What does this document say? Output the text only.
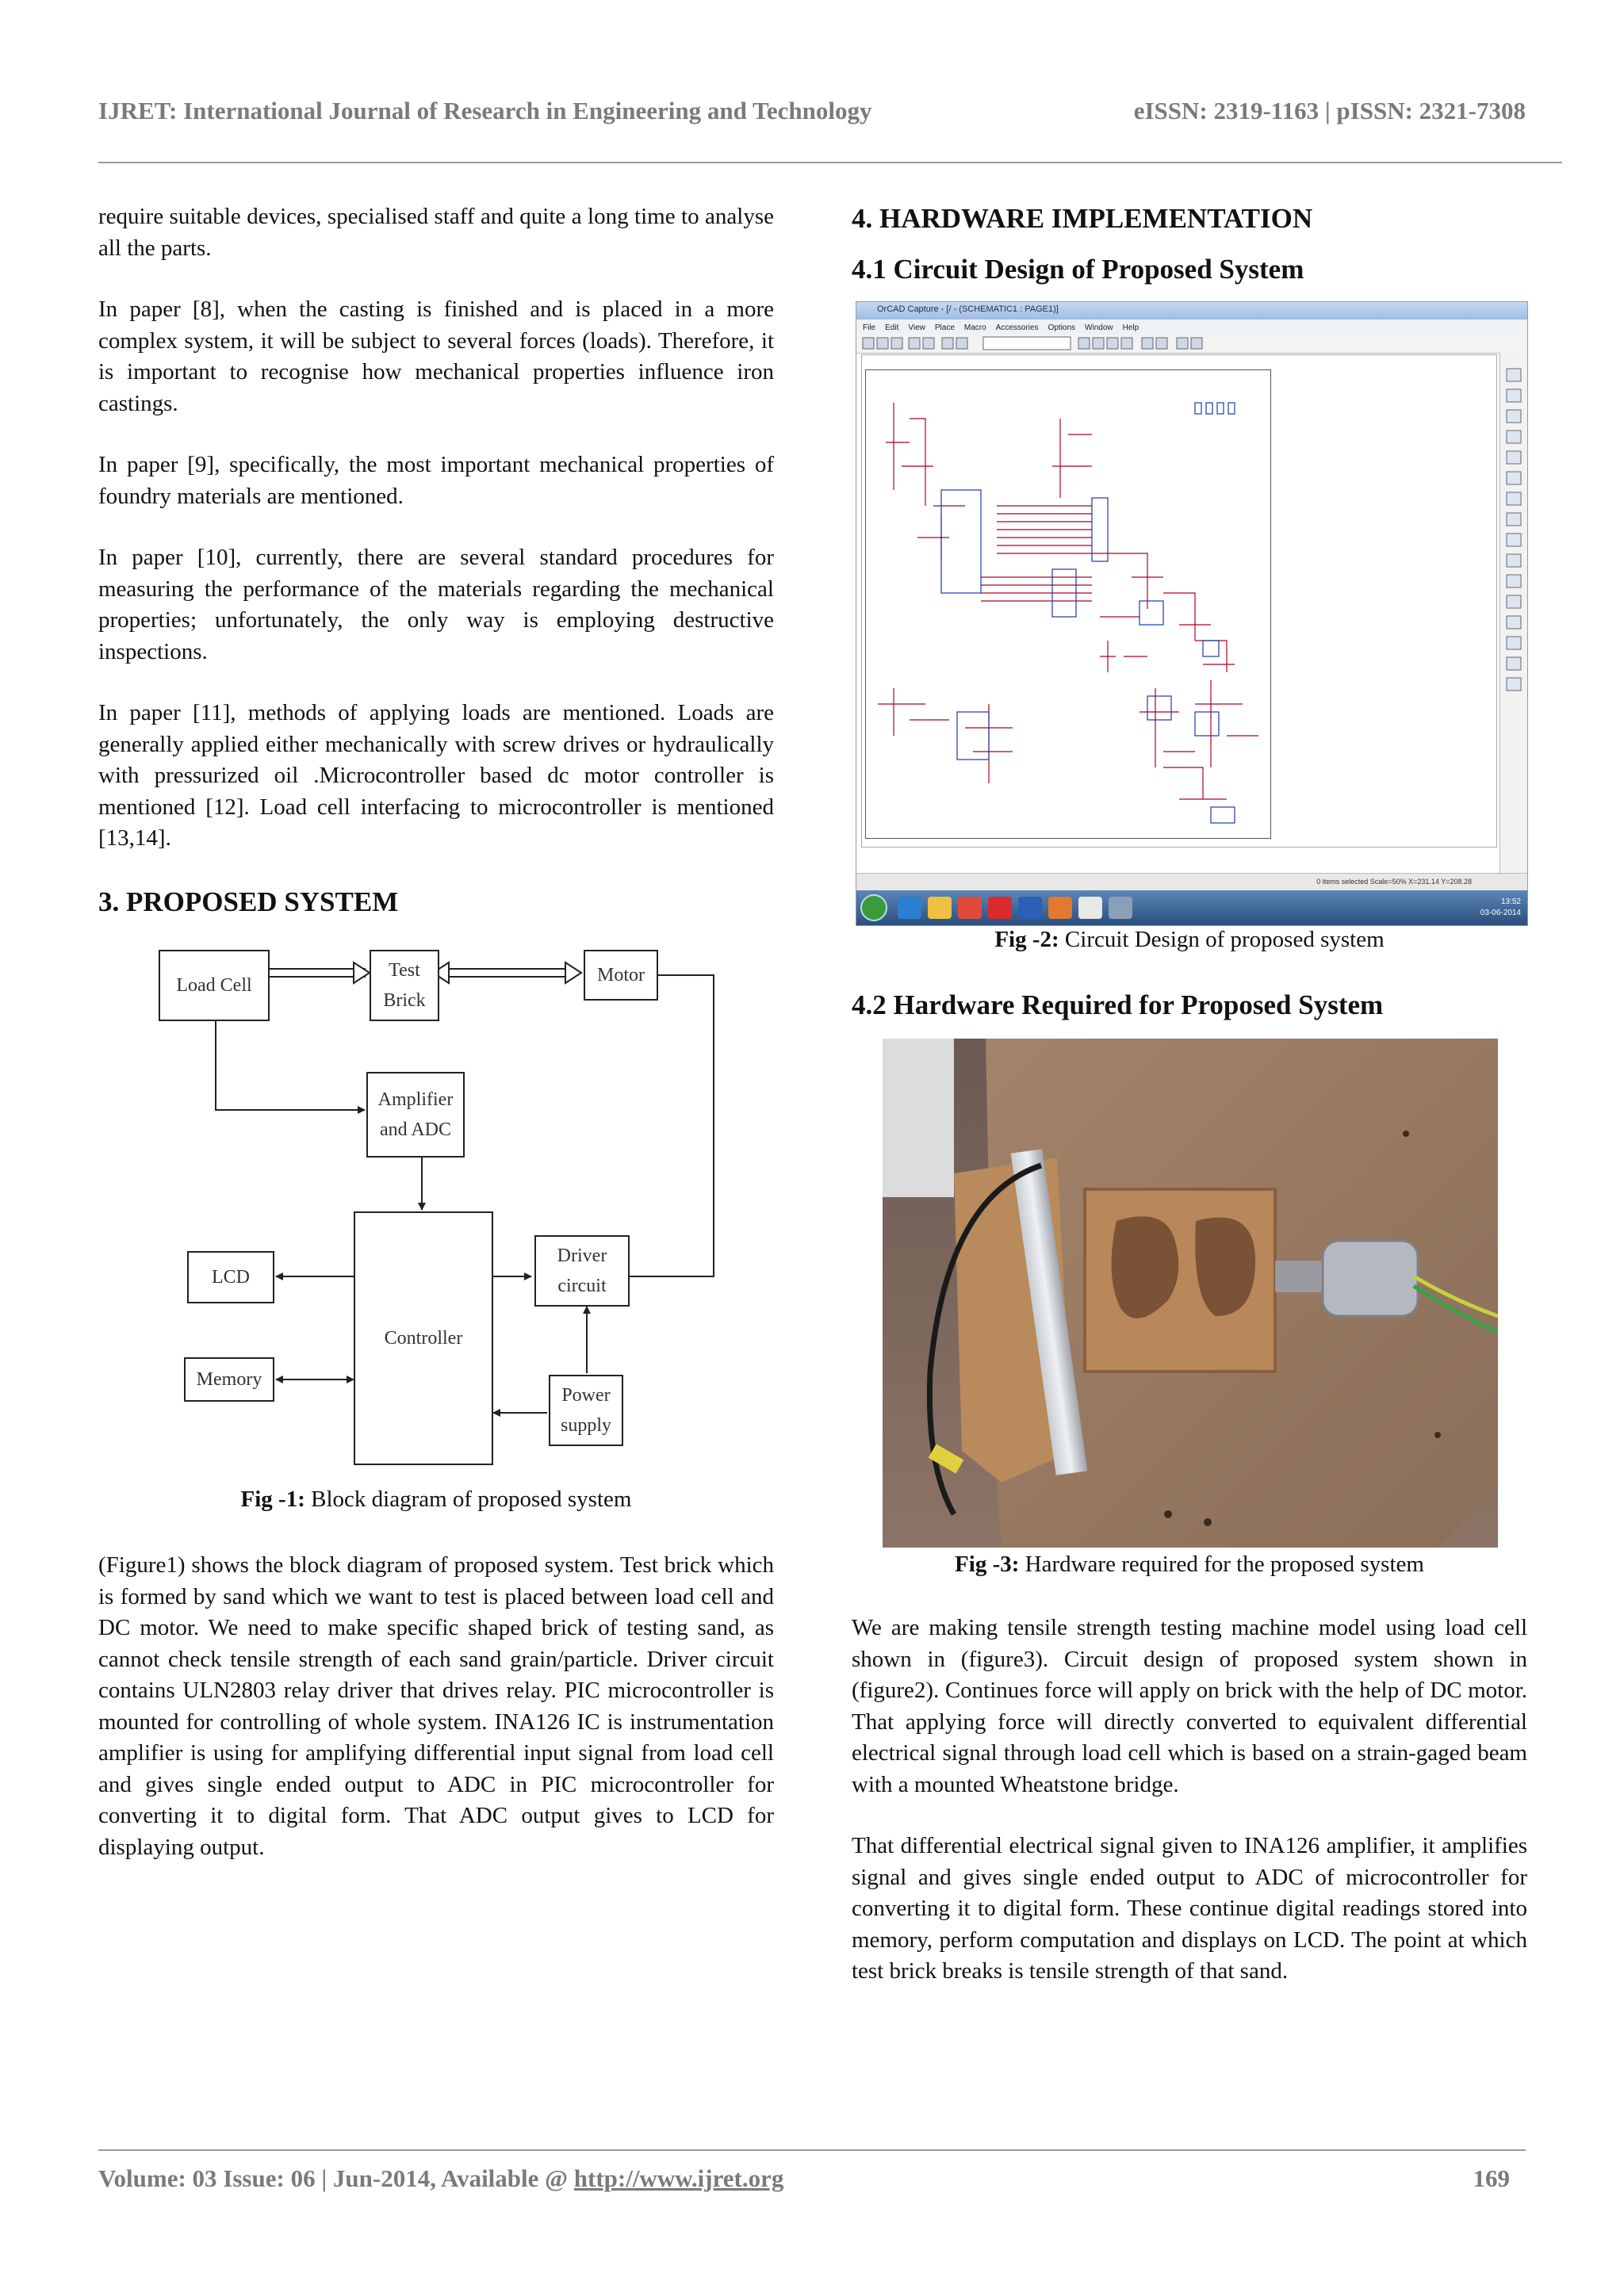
IJRET: International Journal of Research in Engineering and Technology	eISSN: 2319-1163 | pISSN: 2321-7308

require suitable devices, specialised staff and quite a long time to analyse all the parts.

In paper [8], when the casting is finished and is placed in a more complex system, it will be subject to several forces (loads). Therefore, it is important to recognise how mechanical properties influence iron castings.

In paper [9], specifically, the most important mechanical properties of foundry materials are mentioned.

In paper [10], currently, there are several standard procedures for measuring the performance of the materials regarding the mechanical properties; unfortunately, the only way is employing destructive inspections.

In paper [11], methods of applying loads are mentioned. Loads are generally applied either mechanically with screw drives or hydraulically with pressurized oil .Microcontroller based dc motor controller is mentioned [12]. Load cell interfacing to microcontroller is mentioned [13,14].

3. PROPOSED SYSTEM
Load Cell
Test
Brick
Motor
Amplifier
and ADC
LCD
Controller
Driver
circuit
Memory
Power
supply
Fig -1: Block diagram of proposed system

(Figure1) shows the block diagram of proposed system. Test brick which is formed by sand which we want to test is placed between load cell and DC motor. We need to make specific shaped brick of testing sand, as cannot check tensile strength of each sand grain/particle. Driver circuit contains ULN2803 relay driver that drives relay. PIC microcontroller is mounted for controlling of whole system. INA126 IC is instrumentation amplifier is using for amplifying differential input signal from load cell and gives single ended output to ADC in PIC microcontroller for converting it to digital form. That ADC output gives to LCD for displaying output.

4. HARDWARE IMPLEMENTATION
4.1 Circuit Design of Proposed System
OrCAD Capture - [/ - (SCHEMATIC1 : PAGE1)]
File Edit View Place Macro Accessories Options Window Help
0 items selected Scale=50% X=231.14 Y=208.28
13:52
03-06-2014
Fig -2: Circuit Design of proposed system
4.2 Hardware Required for Proposed System
Fig -3: Hardware required for the proposed system

We are making tensile strength testing machine model using load cell shown in (figure3). Circuit design of proposed system shown in (figure2). Continues force will apply on brick with the help of DC motor. That applying force will directly converted to equivalent differential electrical signal through load cell which is based on a strain-gaged beam with a mounted Wheatstone bridge.

That differential electrical signal given to INA126 amplifier, it amplifies signal and gives single ended output to ADC of microcontroller for converting it to digital form. These continue digital readings stored into memory, perform computation and displays on LCD. The point at which test brick breaks is tensile strength of that sand.

Volume: 03 Issue: 06 | Jun-2014, Available @ http://www.ijret.org	169
